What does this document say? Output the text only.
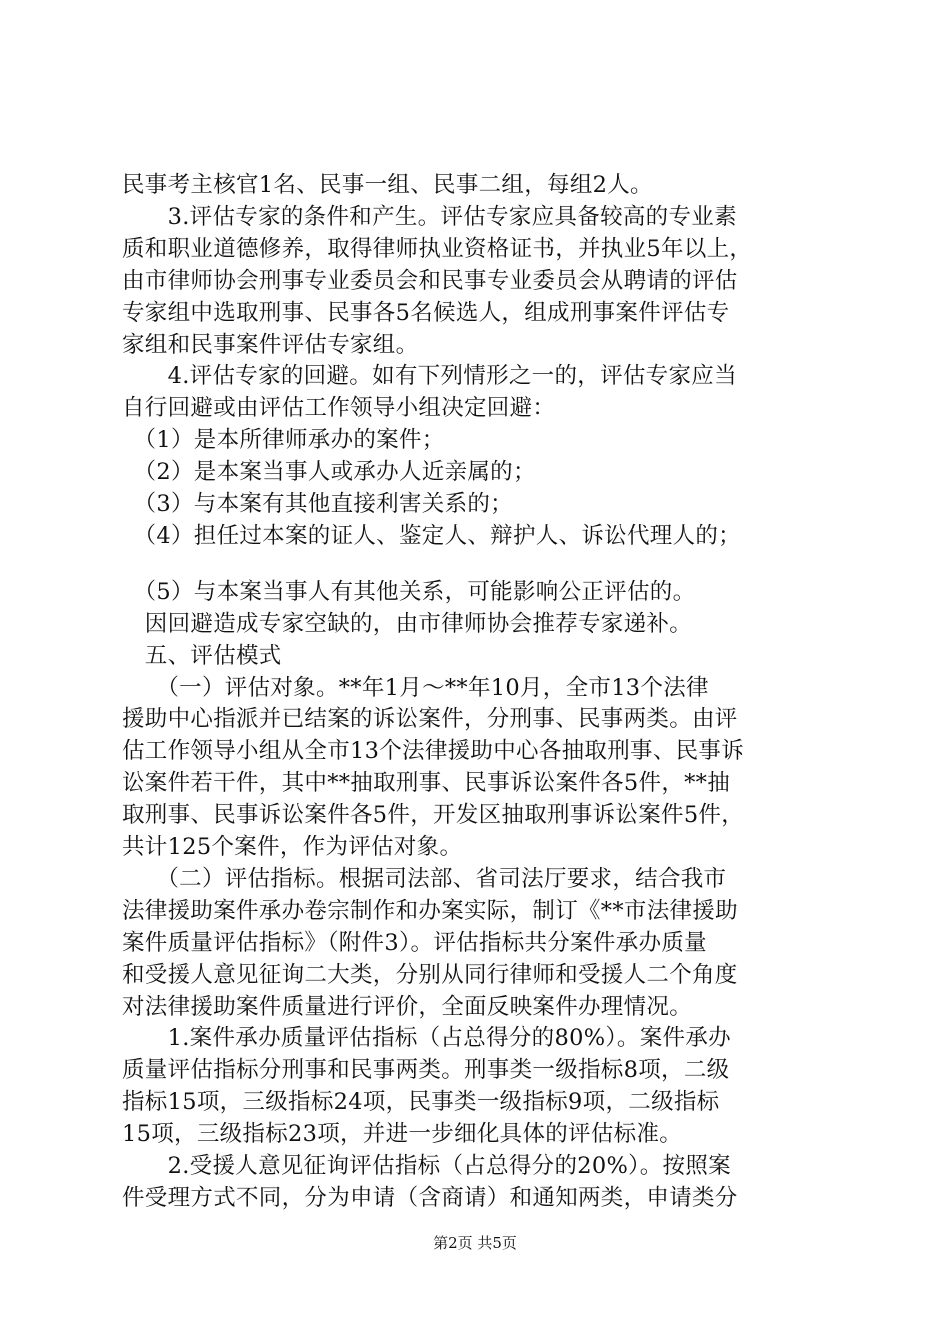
民事考主核官1名、民事一组、民事二组，每组2人。
　　3.评估专家的条件和产生。评估专家应具备较高的专业素
质和职业道德修养，取得律师执业资格证书，并执业5年以上，
由市律师协会刑事专业委员会和民事专业委员会从聘请的评估
专家组中选取刑事、民事各5名候选人，组成刑事案件评估专
家组和民事案件评估专家组。
　　4.评估专家的回避。如有下列情形之一的，评估专家应当
自行回避或由评估工作领导小组决定回避：
　（1）是本所律师承办的案件；
　（2）是本案当事人或承办人近亲属的；
　（3）与本案有其他直接利害关系的；
　（4）担任过本案的证人、鉴定人、辩护人、诉讼代理人的；
　（5）与本案当事人有其他关系，可能影响公正评估的。
　因回避造成专家空缺的，由市律师协会推荐专家递补。
　五、评估模式
　　（一）评估对象。**年1月～**年10月，全市13个法律
援助中心指派并已结案的诉讼案件，分刑事、民事两类。由评
估工作领导小组从全市13个法律援助中心各抽取刑事、民事诉
讼案件若干件，其中**抽取刑事、民事诉讼案件各5件，**抽
取刑事、民事诉讼案件各5件，开发区抽取刑事诉讼案件5件，
共计125个案件，作为评估对象。
　　（二）评估指标。根据司法部、省司法厅要求，结合我市
法律援助案件承办卷宗制作和办案实际，制订《**市法律援助
案件质量评估指标》（附件3）。评估指标共分案件承办质量
和受援人意见征询二大类，分别从同行律师和受援人二个角度
对法律援助案件质量进行评价，全面反映案件办理情况。
　　1.案件承办质量评估指标（占总得分的80%）。案件承办
质量评估指标分刑事和民事两类。刑事类一级指标8项，二级
指标15项，三级指标24项，民事类一级指标9项，二级指标
15项，三级指标23项，并进一步细化具体的评估标准。
　　2.受援人意见征询评估指标（占总得分的20%）。按照案
件受理方式不同，分为申请（含商请）和通知两类，申请类分
第2页 共5页
